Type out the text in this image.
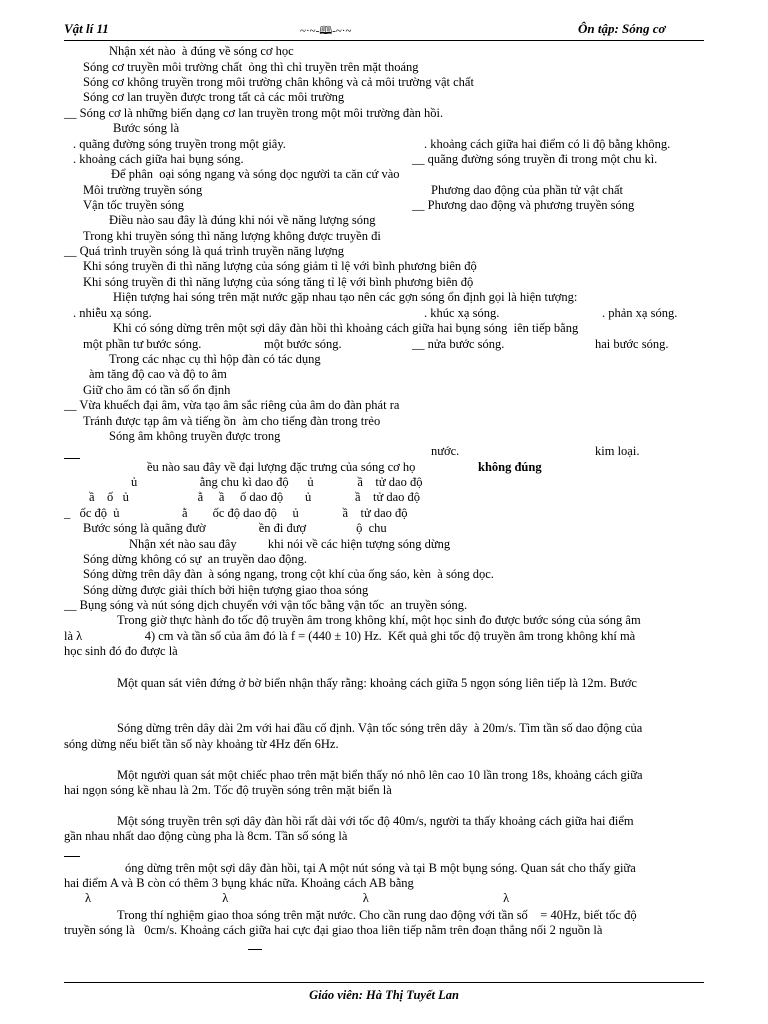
Vật lí 11	~·~-🕮-~·~	Ôn tập: Sóng cơ
Nhận xét nào  à đúng về sóng cơ học
Sóng cơ truyền môi trường chất  ỏng thì chỉ truyền trên mặt thoáng
Sóng cơ không truyền trong môi trường chân không và cả môi trường vật chất
Sóng cơ lan truyền được trong tất cả các môi trường
__ Sóng cơ là những biến dạng cơ lan truyền trong một môi trường đàn hồi.
Bước sóng là
. quãng đường sóng truyền trong một giây.	. khoảng cách giữa hai điểm có li độ bằng không.
. khoảng cách giữa hai bụng sóng.	__ quãng đường sóng truyền đi trong một chu kì.
Để phân  oại sóng ngang và sóng dọc người ta căn cứ vào
Môi trường truyền sóng	Phương dao động của phần tử vật chất
Vận tốc truyền sóng	__ Phương dao động và phương truyền sóng
Điều nào sau đây là đúng khi nói về năng lượng sóng
Trong khi truyền sóng thì năng lượng không được truyền đi
__ Quá trình truyền sóng là quá trình truyền năng lượng
Khi sóng truyền đi thì năng lượng của sóng giảm tỉ lệ với bình phương biên độ
Khi sóng truyền đi thì năng lượng của sóng tăng tỉ lệ với bình phương biên độ
Hiện tượng hai sóng trên mặt nước gặp nhau tạo nên các gợn sóng ổn định gọi là hiện tượng:
. nhiễu xạ sóng.	. khúc xạ sóng.	. phản xạ sóng.
Khi có sóng dừng trên một sợi dây đàn hồi thì khoảng cách giữa hai bụng sóng  iên tiếp bằng
một phần tư bước sóng.	một bước sóng.	__ nửa bước sóng.	hai bước sóng.
Trong các nhạc cụ thì hộp đàn có tác dụng
àm tăng độ cao và độ to âm
Giữ cho âm có tần số ổn định
__ Vừa khuếch đại âm, vừa tạo âm sắc riêng của âm do đàn phát ra
Tránh được tạp âm và tiếng ồn  àm cho tiếng đàn trong trẻo
Sóng âm không truyền được trong
nước.	kim loại.
ều nào sau đây về đại lượng đặc trưng của sóng cơ họ	không đúng
ủ                    ằng chu kì dao độ      ủ              ầ    tử dao độ
ầ    ố   ủ                      ằ     ầ     ố dao độ       ủ              ầ    tử dao độ
_   ốc độ  ủ                    ằ        ốc độ dao độ     ủ              ầ    tử dao độ
Bước sóng là quãng đườ                 ền đi đượ                ộ  chu
Nhận xét nào sau đây          khi nói về các hiện tượng sóng dừng
Sóng dừng không có sự  an truyền dao động.
Sóng dừng trên dây đàn  à sóng ngang, trong cột khí của ống sáo, kèn  à sóng dọc.
Sóng dừng được giải thích bởi hiện tượng giao thoa sóng
__ Bụng sóng và nút sóng dịch chuyển với vận tốc bằng vận tốc  an truyền sóng.
Trong giờ thực hành đo tốc độ truyền âm trong không khí, một học sinh đo được bước sóng của sóng âm
là λ                    4) cm và tần số của âm đó là f = (440 ± 10) Hz.  Kết quả ghi tốc độ truyền âm trong không khí mà
học sinh đó đo được là
Một quan sát viên đứng ở bờ biển nhận thấy rằng: khoảng cách giữa 5 ngọn sóng liên tiếp là 12m. Bước
Sóng dừng trên dây dài 2m với hai đầu cố định. Vận tốc sóng trên dây  à 20m/s. Tìm tần số dao động của
sóng dừng nếu biết tần số này khoảng từ 4Hz đến 6Hz.
Một người quan sát một chiếc phao trên mặt biển thấy nó nhô lên cao 10 lần trong 18s, khoảng cách giữa
hai ngọn sóng kề nhau là 2m. Tốc độ truyền sóng trên mặt biển là
Một sóng truyền trên sợi dây đàn hồi rất dài với tốc độ 40m/s, người ta thấy khoảng cách giữa hai điểm
gần nhau nhất dao động cùng pha là 8cm. Tần số sóng là
óng dừng trên một sợi dây đàn hồi, tại A một nút sóng và tại B một bụng sóng. Quan sát cho thấy giữa
hai điểm A và B còn có thêm 3 bụng khác nữa. Khoảng cách AB bằng
λ                                          λ                                           λ                                           λ
Trong thí nghiệm giao thoa sóng trên mặt nước. Cho cần rung dao động với tần số    = 40Hz, biết tốc độ
truyền sóng là   0cm/s. Khoảng cách giữa hai cực đại giao thoa liên tiếp nằm trên đoạn thẳng nối 2 nguồn là
Giáo viên: Hà Thị Tuyết Lan
